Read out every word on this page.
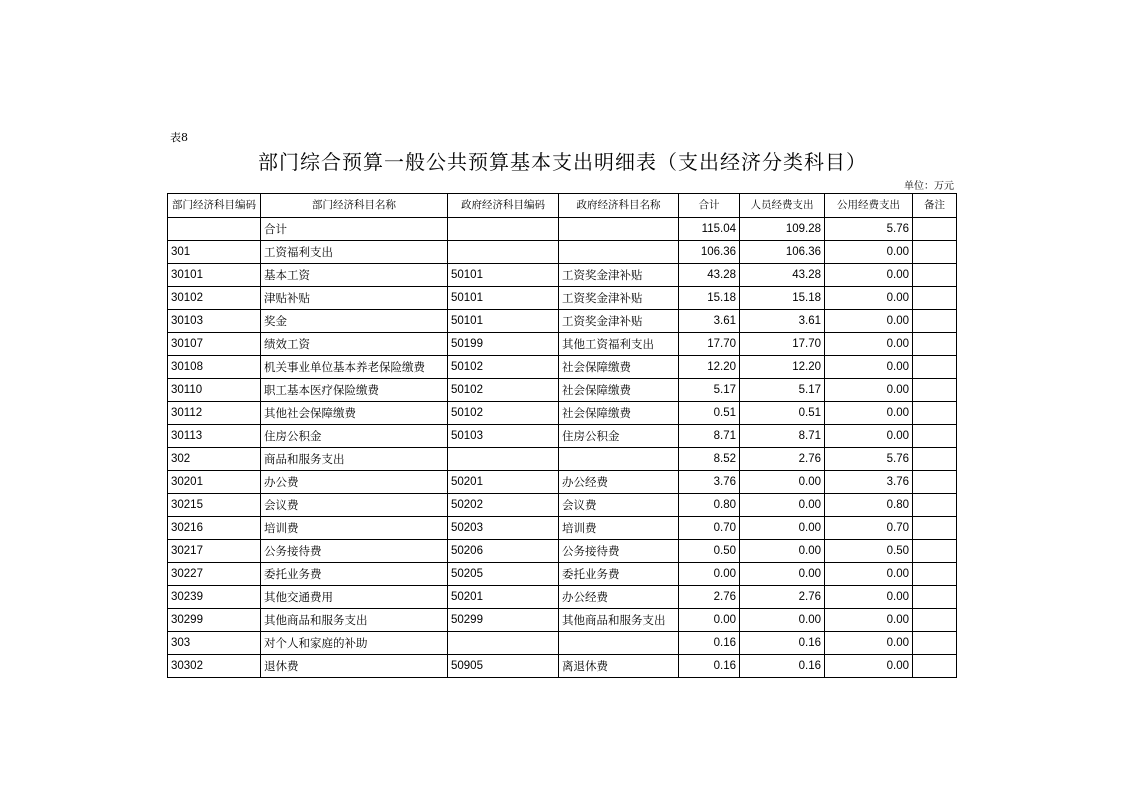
表8
部门综合预算一般公共预算基本支出明细表（支出经济分类科目）
单位：万元
部门经济科目编码	部门经济科目名称	政府经济科目编码	政府经济科目名称	合计	人员经费支出	公用经费支出	备注
	合计			115.04	109.28	5.76	
301	工资福利支出			106.36	106.36	0.00	
30101	基本工资	50101	工资奖金津补贴	43.28	43.28	0.00	
30102	津贴补贴	50101	工资奖金津补贴	15.18	15.18	0.00	
30103	奖金	50101	工资奖金津补贴	3.61	3.61	0.00	
30107	绩效工资	50199	其他工资福利支出	17.70	17.70	0.00	
30108	机关事业单位基本养老保险缴费	50102	社会保障缴费	12.20	12.20	0.00	
30110	职工基本医疗保险缴费	50102	社会保障缴费	5.17	5.17	0.00	
30112	其他社会保障缴费	50102	社会保障缴费	0.51	0.51	0.00	
30113	住房公积金	50103	住房公积金	8.71	8.71	0.00	
302	商品和服务支出			8.52	2.76	5.76	
30201	办公费	50201	办公经费	3.76	0.00	3.76	
30215	会议费	50202	会议费	0.80	0.00	0.80	
30216	培训费	50203	培训费	0.70	0.00	0.70	
30217	公务接待费	50206	公务接待费	0.50	0.00	0.50	
30227	委托业务费	50205	委托业务费	0.00	0.00	0.00	
30239	其他交通费用	50201	办公经费	2.76	2.76	0.00	
30299	其他商品和服务支出	50299	其他商品和服务支出	0.00	0.00	0.00	
303	对个人和家庭的补助			0.16	0.16	0.00	
30302	退休费	50905	离退休费	0.16	0.16	0.00	
